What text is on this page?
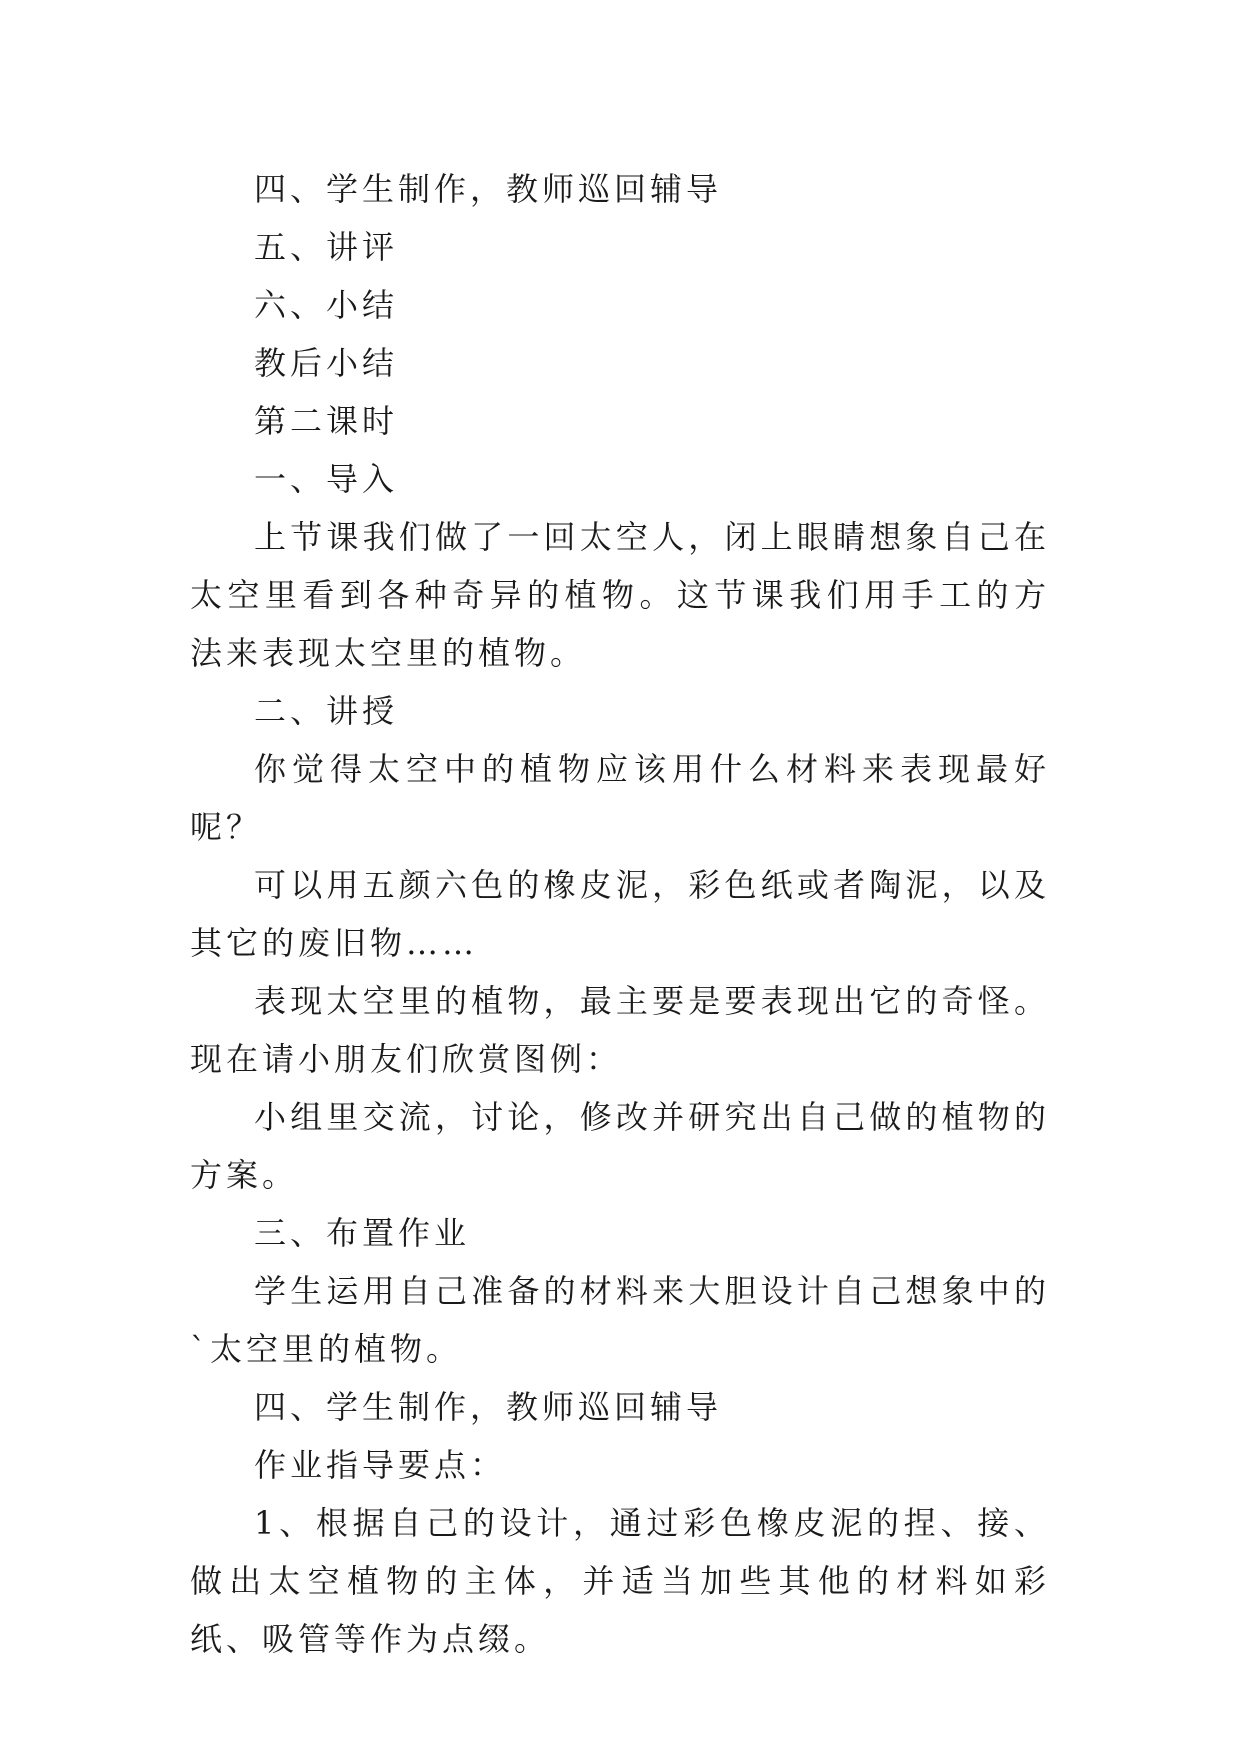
四、学生制作，教师巡回辅导

五、讲评

六、小结

教后小结

第二课时

一、导入

上节课我们做了一回太空人，闭上眼睛想象自己在太空里看到各种奇异的植物。这节课我们用手工的方法来表现太空里的植物。

二、讲授

你觉得太空中的植物应该用什么材料来表现最好呢？

可以用五颜六色的橡皮泥，彩色纸或者陶泥，以及其它的废旧物……

表现太空里的植物，最主要是要表现出它的奇怪。现在请小朋友们欣赏图例：

小组里交流，讨论，修改并研究出自己做的植物的方案。

三、布置作业

学生运用自己准备的材料来大胆设计自己想象中的`太空里的植物。

四、学生制作，教师巡回辅导

作业指导要点：

1、根据自己的设计，通过彩色橡皮泥的捏、接、做出太空植物的主体，并适当加些其他的材料如彩纸、吸管等作为点缀。
